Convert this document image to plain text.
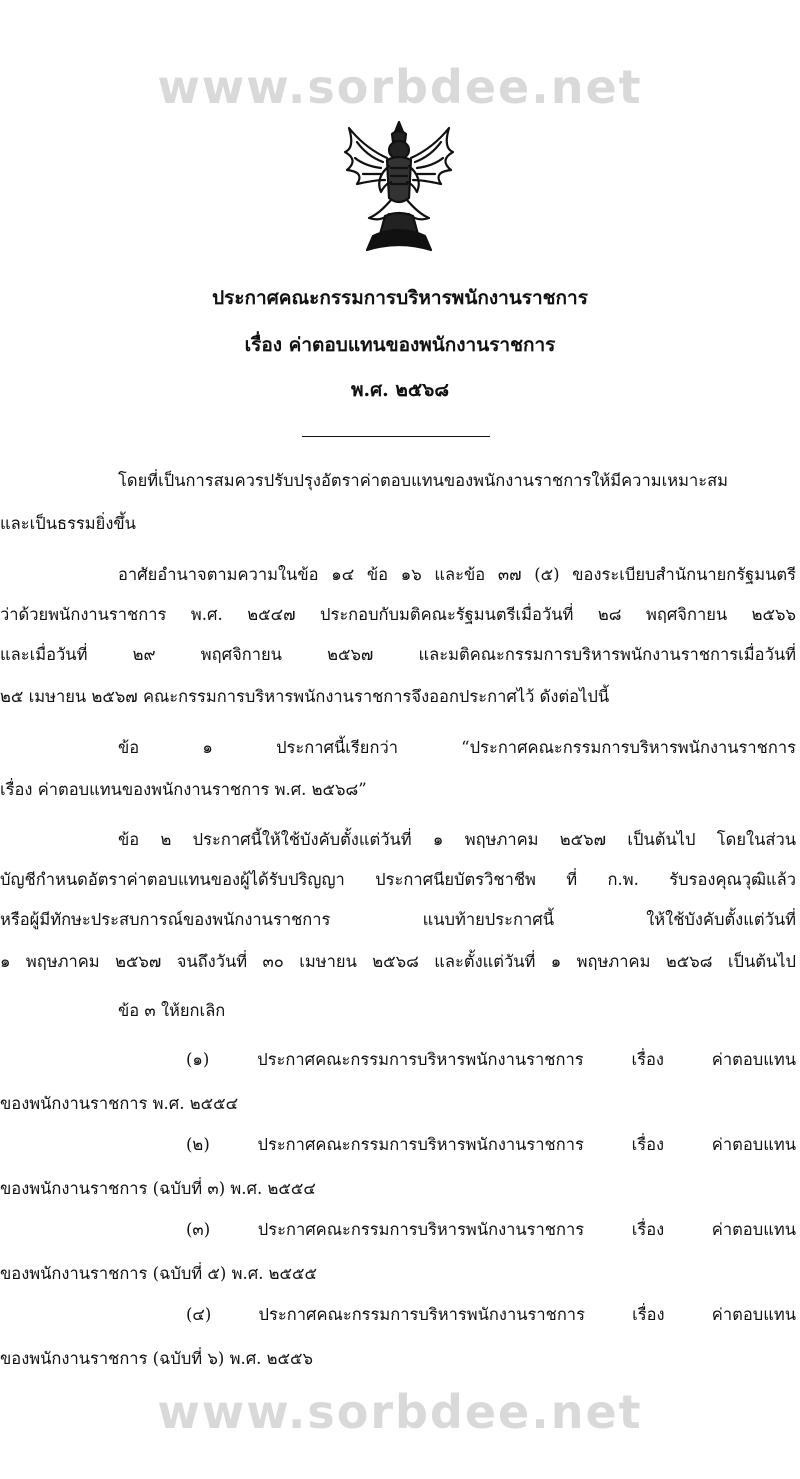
www.sorbdee.net
ประกาศคณะกรรมการบริหารพนักงานราชการ
เรื่อง ค่าตอบแทนของพนักงานราชการ
พ.ศ. ๒๕๖๘
โดยที่เป็นการสมควรปรับปรุงอัตราค่าตอบแทนของพนักงานราชการให้มีความเหมาะสม
และเป็นธรรมยิ่งขึ้น
อาศัยอำนาจตามความในข้อ ๑๔ ข้อ ๑๖ และข้อ ๓๗ (๕) ของระเบียบสำนักนายกรัฐมนตรี
ว่าด้วยพนักงานราชการ พ.ศ. ๒๕๔๗ ประกอบกับมติคณะรัฐมนตรีเมื่อวันที่ ๒๘ พฤศจิกายน ๒๕๖๖
และเมื่อวันที่ ๒๙ พฤศจิกายน ๒๕๖๗ และมติคณะกรรมการบริหารพนักงานราชการเมื่อวันที่
๒๕ เมษายน ๒๕๖๗ คณะกรรมการบริหารพนักงานราชการจึงออกประกาศไว้ ดังต่อไปนี้
ข้อ ๑ ประกาศนี้เรียกว่า “ประกาศคณะกรรมการบริหารพนักงานราชการ
เรื่อง ค่าตอบแทนของพนักงานราชการ พ.ศ. ๒๕๖๘”
ข้อ ๒ ประกาศนี้ให้ใช้บังคับตั้งแต่วันที่ ๑ พฤษภาคม ๒๕๖๗ เป็นต้นไป โดยในส่วน
บัญชีกำหนดอัตราค่าตอบแทนของผู้ได้รับปริญญา ประกาศนียบัตรวิชาชีพ ที่ ก.พ. รับรองคุณวุฒิแล้ว
หรือผู้มีทักษะประสบการณ์ของพนักงานราชการ แนบท้ายประกาศนี้ ให้ใช้บังคับตั้งแต่วันที่
๑ พฤษภาคม ๒๕๖๗ จนถึงวันที่ ๓๐ เมษายน ๒๕๖๘ และตั้งแต่วันที่ ๑ พฤษภาคม ๒๕๖๘ เป็นต้นไป
ข้อ ๓ ให้ยกเลิก
(๑) ประกาศคณะกรรมการบริหารพนักงานราชการ เรื่อง ค่าตอบแทน
ของพนักงานราชการ พ.ศ. ๒๕๕๔
(๒) ประกาศคณะกรรมการบริหารพนักงานราชการ เรื่อง ค่าตอบแทน
ของพนักงานราชการ (ฉบับที่ ๓) พ.ศ. ๒๕๕๔
(๓) ประกาศคณะกรรมการบริหารพนักงานราชการ เรื่อง ค่าตอบแทน
ของพนักงานราชการ (ฉบับที่ ๕) พ.ศ. ๒๕๕๕
(๔) ประกาศคณะกรรมการบริหารพนักงานราชการ เรื่อง ค่าตอบแทน
ของพนักงานราชการ (ฉบับที่ ๖) พ.ศ. ๒๕๕๖
www.sorbdee.net
